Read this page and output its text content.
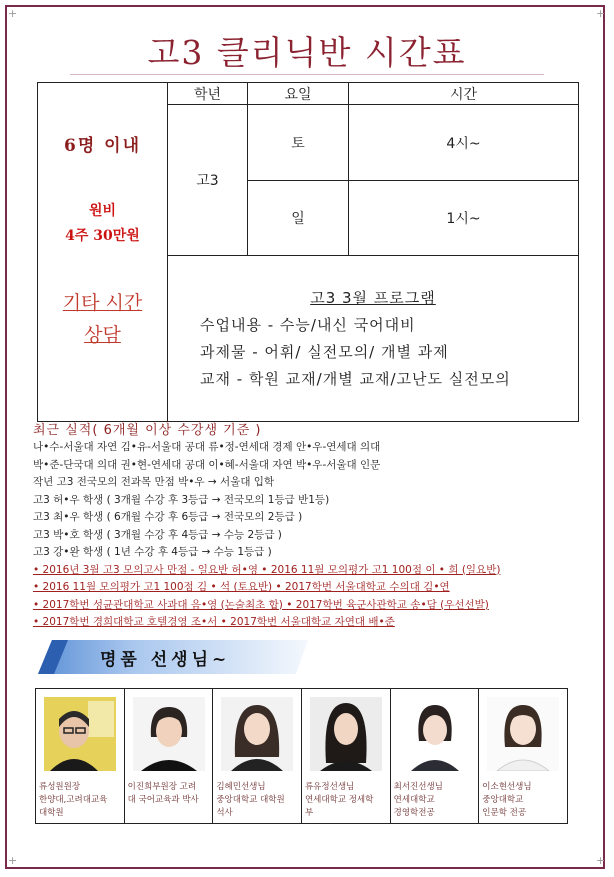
+	+
+	+
고3 클리닉반 시간표
6명 이내
원비
4주 30만원
기타 시간
상담	학년	요일	시간
	고3	토	4시~
		일	1시~

	고3 3월 프로그램
수업내용 - 수능/내신 국어대비
과제물 - 어휘/ 실전모의/ 개별 과제
교재 - 학원 교재/개별 교재/고난도 실전모의		
최근 실적( 6개월 이상 수강생 기준 )
나•수-서울대 자연 김•유-서울대 공대 류•정-연세대 경제 안•우-연세대 의대
박•준-단국대 의대 권•현-연세대 공대 이•혜-서울대 자연 박•우-서울대 인문
작년 고3 전국모의 전과목 만점 박•우 → 서울대 입학
고3 허•우 학생 ( 3개월 수강 후 3등급 → 전국모의 1등급 반1등)
고3 최•우 학생 ( 6개월 수강 후 6등급 → 전국모의 2등급 )
고3 박•호 학생 ( 3개월 수강 후 4등급 → 수능 2등급 )
고3 강•완 학생 ( 1년 수강 후 4등급 → 수능 1등급 )
• 2016년 3월 고3 모의고사 만점 - 일요반 허•영 • 2016 11월 모의평가 고1 100점 이 • 희 (일요반)
• 2016 11월 모의평가 고1 100점 김 • 석 (토요반) • 2017학번 서울대학교 수의대 김•연
• 2017학번 성균관대학교 사과대 음•영 (논술최초 합) • 2017학번 육군사관학교 송•담 (우선선발)
• 2017학번 경희대학교 호텔경영 조•서 • 2017학번 서울대학교 자연대 배•준
명품 선생님~
류성원원장
한양대,고려대교육
대학원

이진희부원장 고려
대 국어교육과 박사

김혜민선생님
중앙대학교 대학원
석사

류유정선생님
연세대학교 정세학
부

최서진선생님
연세대학교
경영학전공

이소현선생님
중앙대학교
인문학 전공
